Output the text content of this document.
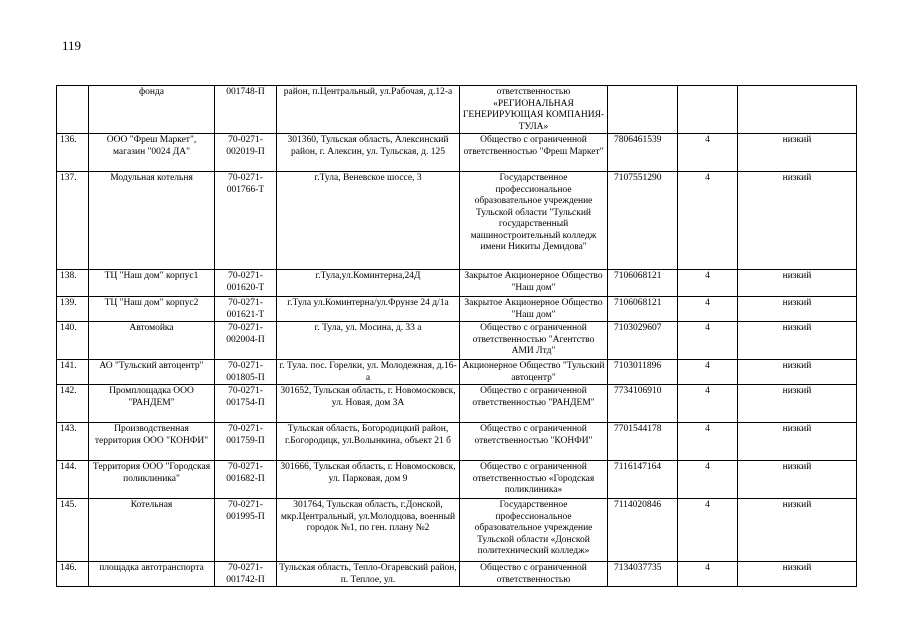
119
	фонда	001748-П	район, п.Центральный, ул.Рабочая, д.12-а	ответственностью «РЕГИОНАЛЬНАЯ ГЕНЕРИРУЮЩАЯ КОМПАНИЯ-ТУЛА»			
136.	ООО "Фреш Маркет", магазин "0024 ДА"	70-0271-002019-П	301360, Тульская область, Алексинский район, г. Алексин, ул. Тульская, д. 125	Общество с ограниченной ответственностью "Фреш Маркет"	7806461539	4	низкий
137.	Модульная котельня	70-0271-001766-Т	г.Тула, Веневское шоссе, 3	Государственное профессиональное образовательное учреждение Тульской области "Тульский государственный машиностроительный колледж имени Никиты Демидова"	7107551290	4	низкий
138.	ТЦ "Наш дом" корпус1	70-0271-001620-Т	г.Тула,ул.Коминтерна,24Д	Закрытое Акционерное Общество "Наш дом"	7106068121	4	низкий
139.	ТЦ "Наш дом" корпус2	70-0271-001621-Т	г.Тула ул.Коминтерна/ул.Фрунзе 24 д/1а	Закрытое Акционерное Общество "Наш дом"	7106068121	4	низкий
140.	Автомойка	70-0271-002004-П	г. Тула, ул. Мосина, д. 33 а	Общество с ограниченной ответственностью "Агентство АМИ Лтд"	7103029607	4	низкий
141.	АО "Тульский автоцентр"	70-0271-001805-П	г. Тула. пос. Горелки, ул. Молодежная, д.16-а	Акционерное Общество "Тульский автоцентр"	7103011896	4	низкий
142.	Промплощадка ООО "РАНДЕМ"	70-0271-001754-П	301652, Тульская область, г. Новомосковск, ул. Новая, дом 3А	Общество с ограниченной ответственностью "РАНДЕМ"	7734106910	4	низкий
143.	Производственная территория ООО "КОНФИ"	70-0271-001759-П	Тульская область, Богородицкий район, г.Богородицк, ул.Волынкина, объект 21 б	Общество с ограниченной ответственностью "КОНФИ"	7701544178	4	низкий
144.	Территория ООО "Городская поликлиника"	70-0271-001682-П	301666, Тульская область, г. Новомосковск, ул. Парковая, дом 9	Общество с ограниченной ответственностью «Городская поликлиника»	7116147164	4	низкий
145.	Котельная	70-0271-001995-П	301764, Тульская область, г.Донской, мкр.Центральный, ул.Молодцова, военный городок №1, по ген. плану №2	Государственное профессиональное образовательное учреждение Тульской области «Донской политехнический колледж»	7114020846	4	низкий
146.	площадка автотранспорта	70-0271-001742-П	Тульская область, Тепло-Огаревский район, п. Теплое, ул.	Общество с ограниченной ответственностью	7134037735	4	низкий
